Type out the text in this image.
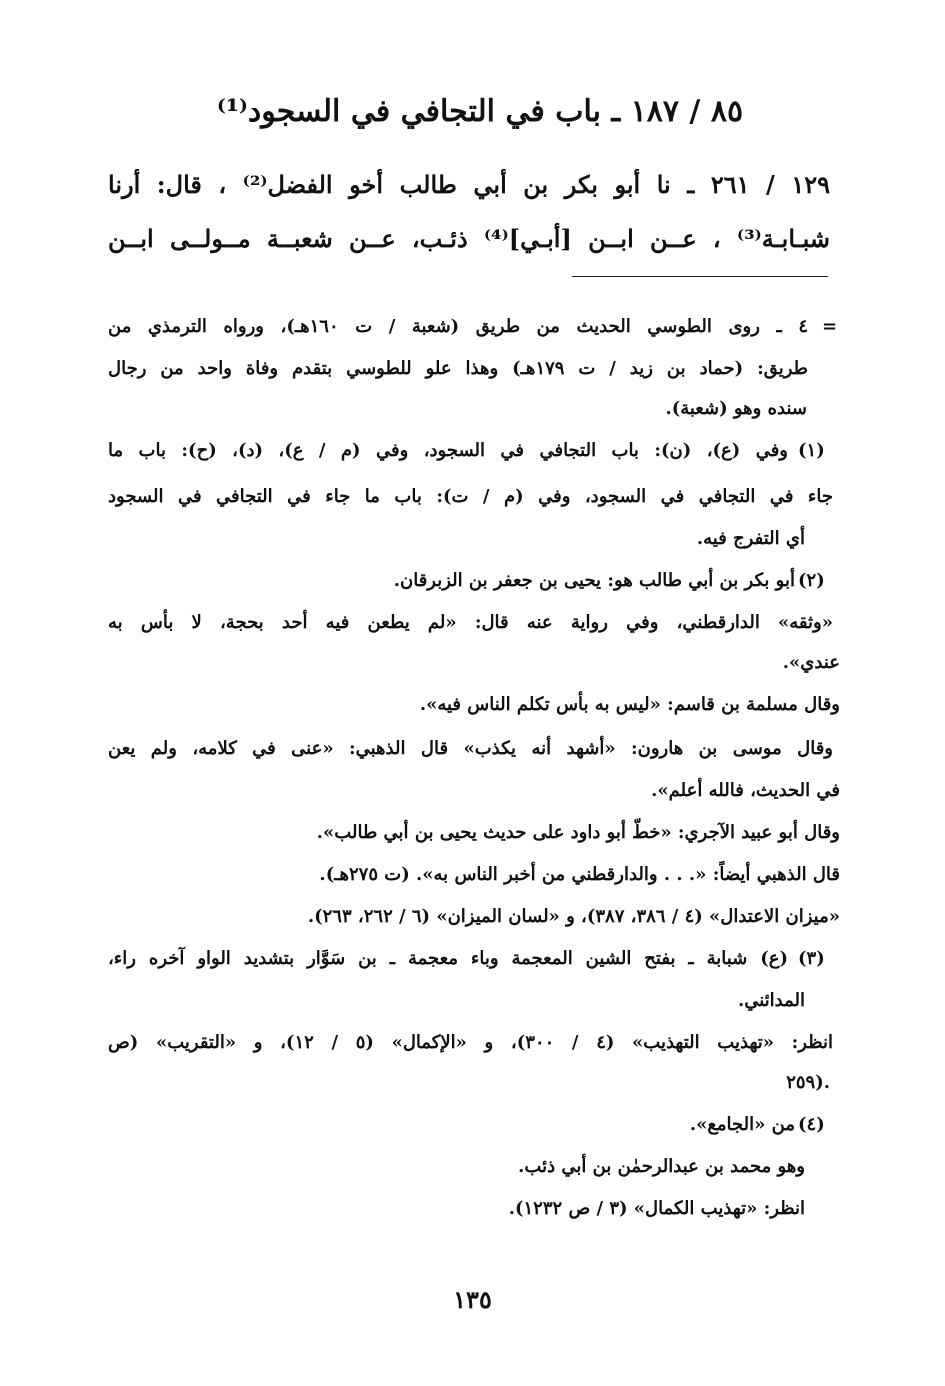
٨٥ / ١٨٧ ـ باب في التجافي في السجود⁽¹⁾
١٢٩ / ٢٦١ ـ نا أبو بكر بن أبي طالب أخو الفضل⁽²⁾ ، قال: أرنا
شبـابـة⁽³⁾ ، عــن ابــن [أبـي]⁽⁴⁾ ذئـب، عــن شعبــة مــولــى ابــن
=
٤ ـ روى الطوسي الحديث من طريق (شعبة / ت ١٦٠هـ)، ورواه الترمذي من
طريق: (حماد بن زيد / ت ١٧٩هـ) وهذا علو للطوسي بتقدم وفاة واحد من رجال
سنده وهو (شعبة).
(١)
وفي (ع)، (ن): باب التجافي في السجود، وفي (م / ع)، (د)، (ح): باب ما
جاء في التجافي في السجود، وفي (م / ت): باب ما جاء في التجافي في السجود
أي التفرج فيه.
(٢)
أبو بكر بن أبي طالب هو: يحيى بن جعفر بن الزبرقان.
«وثقه» الدارقطني، وفي رواية عنه قال: «لم يطعن فيه أحد بحجة، لا بأس به
عندي».
وقال مسلمة بن قاسم: «ليس به بأس تكلم الناس فيه».
وقال موسى بن هارون: «أشهد أنه يكذب» قال الذهبي: «عنى في كلامه، ولم يعن
في الحديث، فالله أعلم».
وقال أبو عبيد الآجري: «خطّ أبو داود على حديث يحيى بن أبي طالب».
قال الذهبي أيضاً: «. . . والدارقطني من أخبر الناس به». (ت ٢٧٥هـ).
«ميزان الاعتدال» (٤ / ٣٨٦، ٣٨٧)، و «لسان الميزان» (٦ / ٢٦٢، ٢٦٣).
(٣)
(ع) شبابة ـ بفتح الشين المعجمة وباء معجمة ـ بن سَوَّار بتشديد الواو آخره راء،
المدائني.
انظر: «تهذيب التهذيب» (٤ / ٣٠٠)، و «الإكمال» (٥ / ١٢)، و «التقريب» (ص
٢٥٩).
(٤)
من «الجامع».
وهو محمد بن عبدالرحمٰن بن أبي ذئب.
انظر: «تهذيب الكمال» (٣ / ص ١٢٣٢).
١٣٥
